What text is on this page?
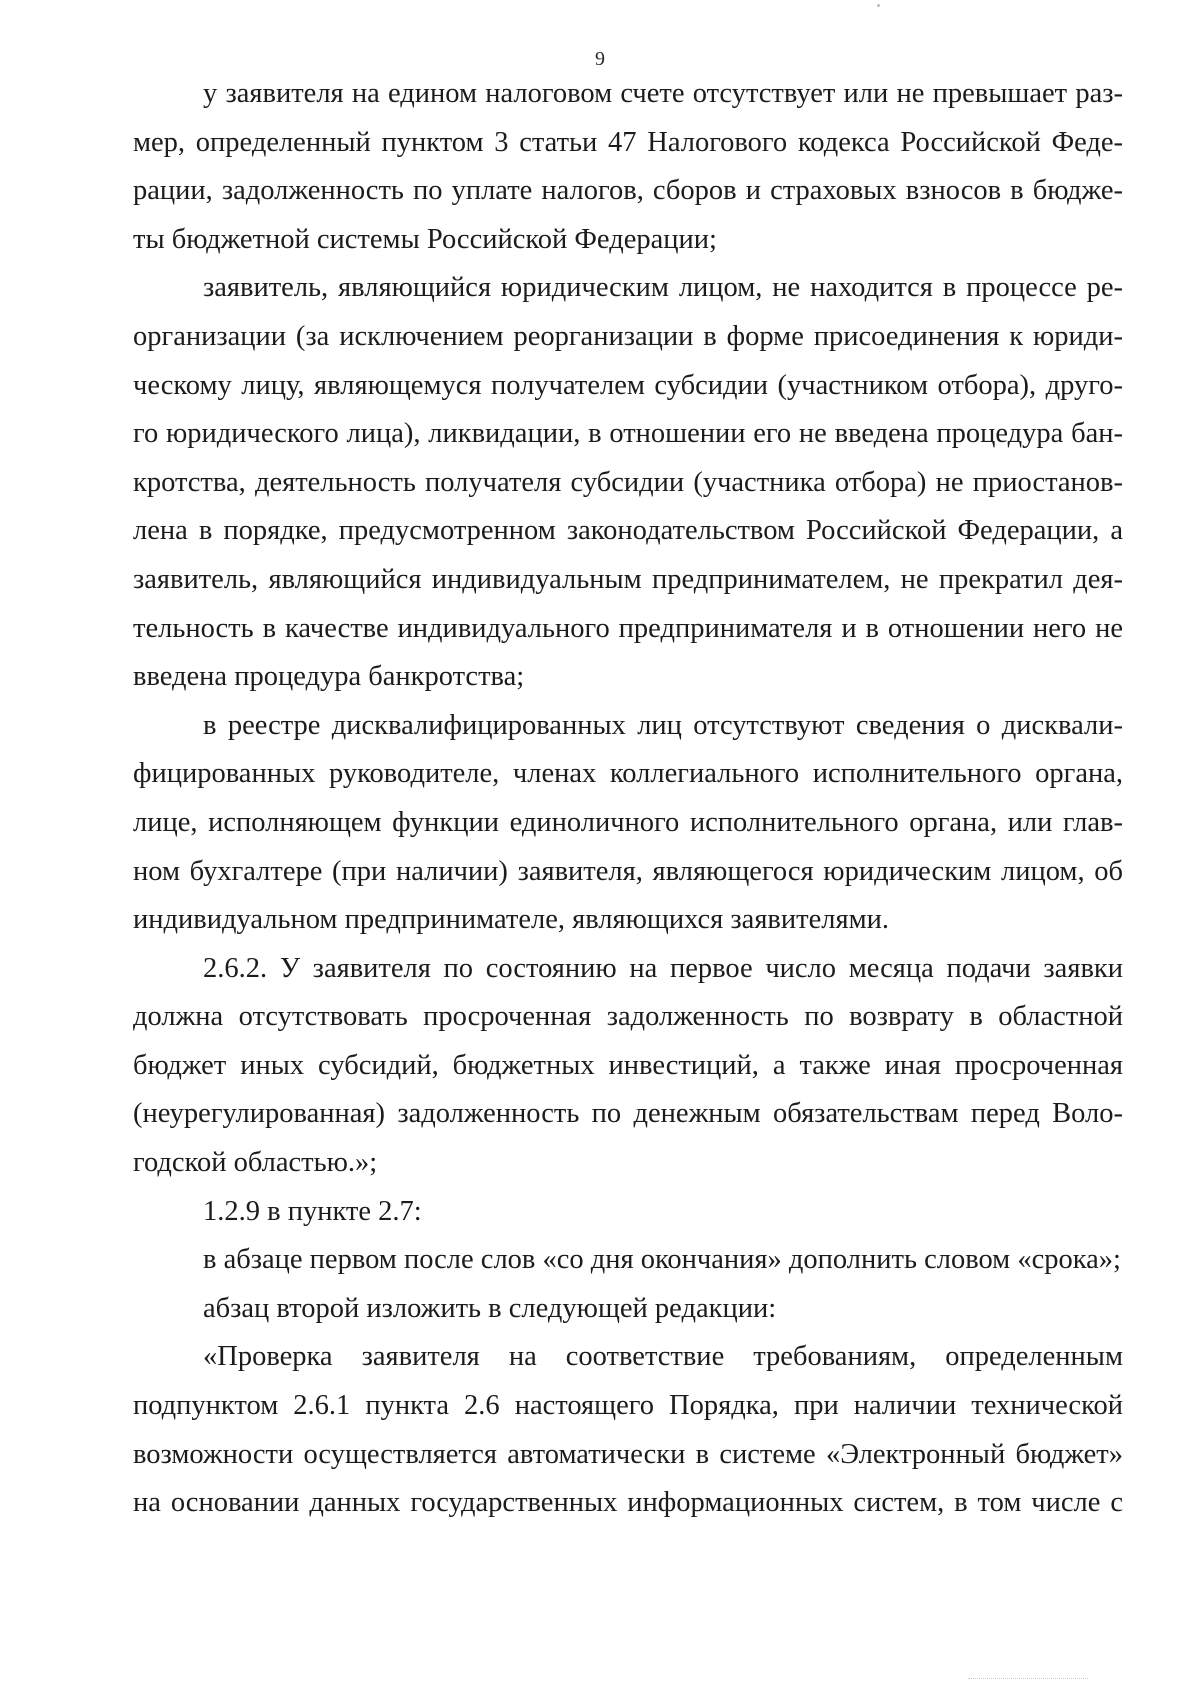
9
у заявителя на едином налоговом счете отсутствует или не превышает раз-
мер, определенный пунктом 3 статьи 47 Налогового кодекса Российской Феде-
рации, задолженность по уплате налогов, сборов и страховых взносов в бюдже-
ты бюджетной системы Российской Федерации;
заявитель, являющийся юридическим лицом, не находится в процессе ре-
организации (за исключением реорганизации в форме присоединения к юриди-
ческому лицу, являющемуся получателем субсидии (участником отбора), друго-
го юридического лица), ликвидации, в отношении его не введена процедура бан-
кротства, деятельность получателя субсидии (участника отбора) не приостанов-
лена в порядке, предусмотренном законодательством Российской Федерации, а
заявитель, являющийся индивидуальным предпринимателем, не прекратил дея-
тельность в качестве индивидуального предпринимателя и в отношении него не
введена процедура банкротства;
в реестре дисквалифицированных лиц отсутствуют сведения о дисквали-
фицированных руководителе, членах коллегиального исполнительного органа,
лице, исполняющем функции единоличного исполнительного органа, или глав-
ном бухгалтере (при наличии) заявителя, являющегося юридическим лицом, об
индивидуальном предпринимателе, являющихся заявителями.
2.6.2. У заявителя по состоянию на первое число месяца подачи заявки
должна отсутствовать просроченная задолженность по возврату в областной
бюджет иных субсидий, бюджетных инвестиций, а также иная просроченная
(неурегулированная) задолженность по денежным обязательствам перед Воло-
годской областью.»;
1.2.9 в пункте 2.7:
в абзаце первом после слов «со дня окончания» дополнить словом «срока»;
абзац второй изложить в следующей редакции:
«Проверка заявителя на соответствие требованиям, определенным
подпунктом 2.6.1 пункта 2.6 настоящего Порядка, при наличии технической
возможности осуществляется автоматически в системе «Электронный бюджет»
на основании данных государственных информационных систем, в том числе с
